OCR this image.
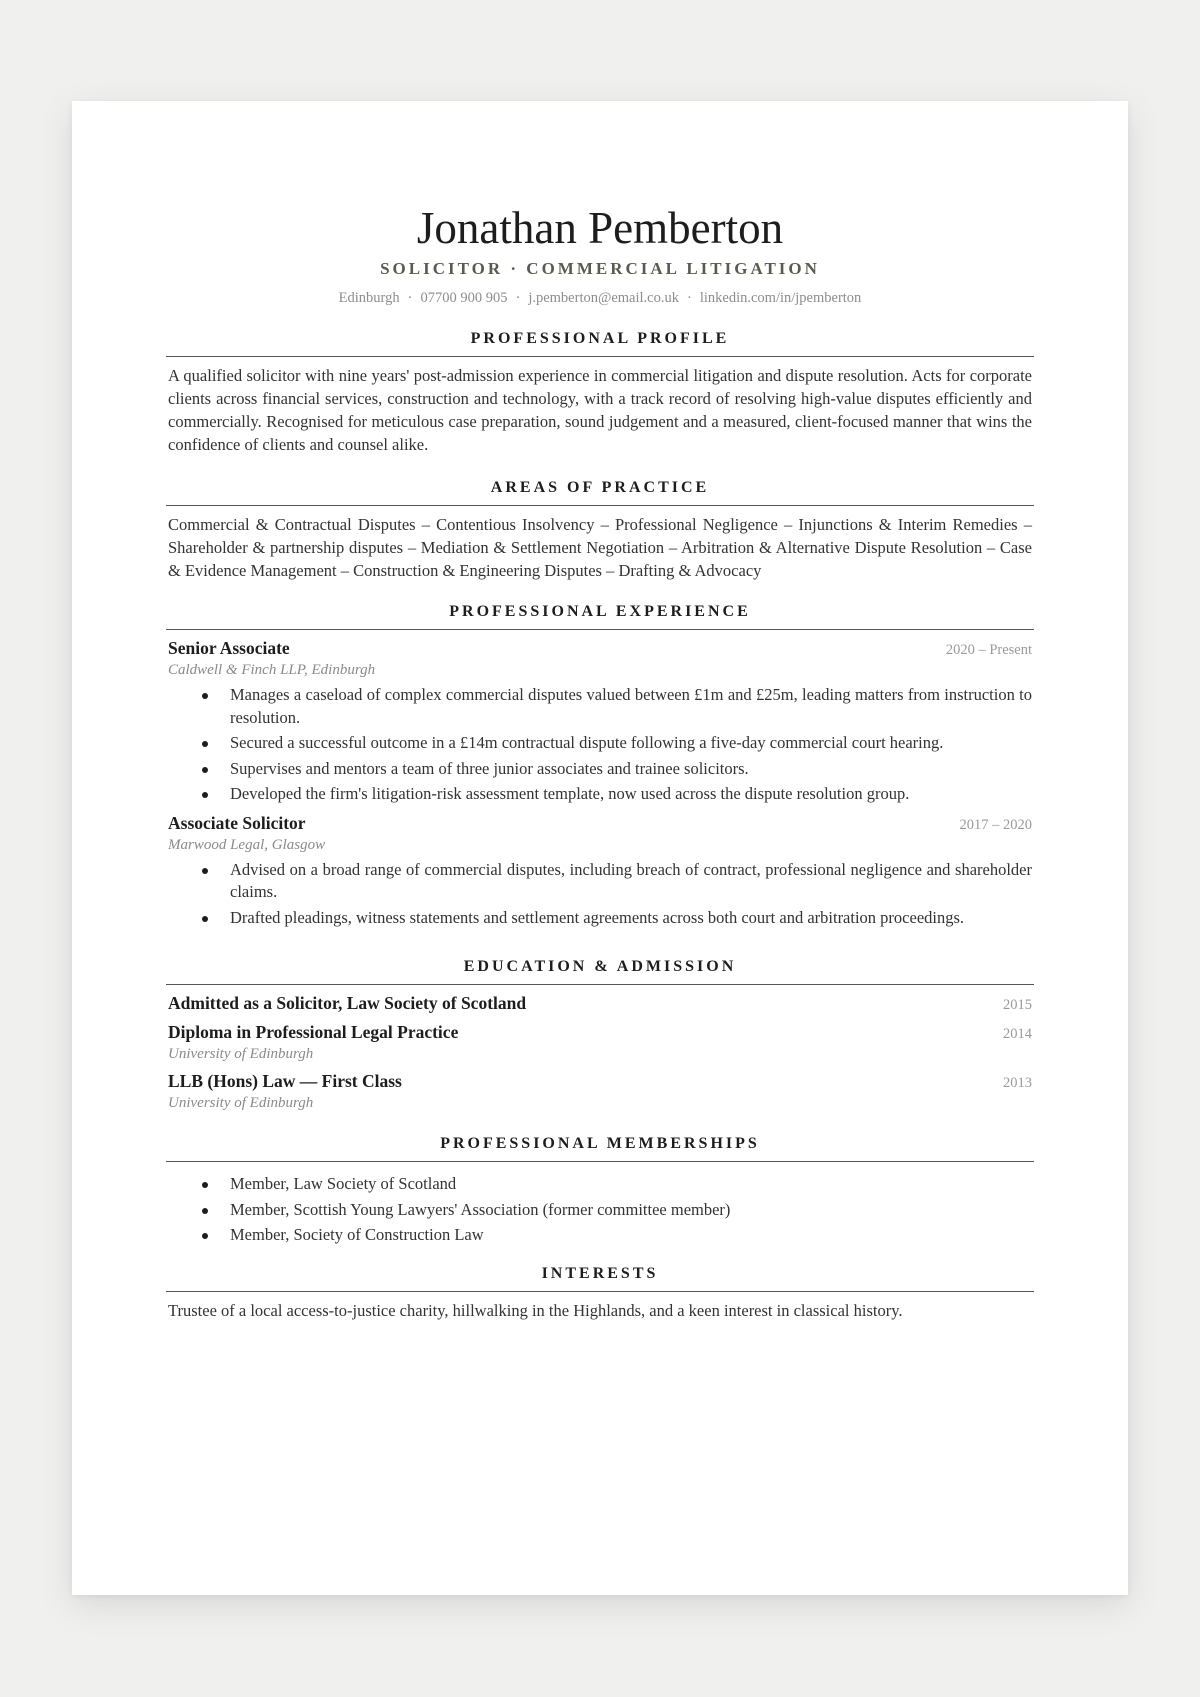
Jonathan Pemberton
SOLICITOR · COMMERCIAL LITIGATION
Edinburgh · 07700 900 905 · j.pemberton@email.co.uk · linkedin.com/in/jpemberton
PROFESSIONAL PROFILE

A qualified solicitor with nine years' post-admission experience in commercial litigation and dispute resolution. Acts for corporate clients across financial services, construction and technology, with a track record of resolving high-value disputes efficiently and commercially. Recognised for meticulous case preparation, sound judgement and a measured, client-focused manner that wins the confidence of clients and counsel alike.

AREAS OF PRACTICE

Commercial & Contractual Disputes – Contentious Insolvency – Professional Negligence – Injunctions & Interim Remedies – Shareholder & partnership disputes – Mediation & Settlement Negotiation – Arbitration & Alternative Dispute Resolution – Case & Evidence Management – Construction & Engineering Disputes – Drafting & Advocacy

PROFESSIONAL EXPERIENCE
Senior Associate	2020 – Present
Caldwell & Finch LLP, Edinburgh
Manages a caseload of complex commercial disputes valued between £1m and £25m, leading matters from instruction to resolution.
Secured a successful outcome in a £14m contractual dispute following a five-day commercial court hearing.
Supervises and mentors a team of three junior associates and trainee solicitors.
Developed the firm's litigation-risk assessment template, now used across the dispute resolution group.
Associate Solicitor	2017 – 2020
Marwood Legal, Glasgow
Advised on a broad range of commercial disputes, including breach of contract, professional negligence and shareholder claims.
Drafted pleadings, witness statements and settlement agreements across both court and arbitration proceedings.
EDUCATION & ADMISSION
Admitted as a Solicitor, Law Society of Scotland	2015
Diploma in Professional Legal Practice	2014
University of Edinburgh
LLB (Hons) Law — First Class	2013
University of Edinburgh
PROFESSIONAL MEMBERSHIPS
Member, Law Society of Scotland
Member, Scottish Young Lawyers' Association (former committee member)
Member, Society of Construction Law
INTERESTS

Trustee of a local access-to-justice charity, hillwalking in the Highlands, and a keen interest in classical history.
